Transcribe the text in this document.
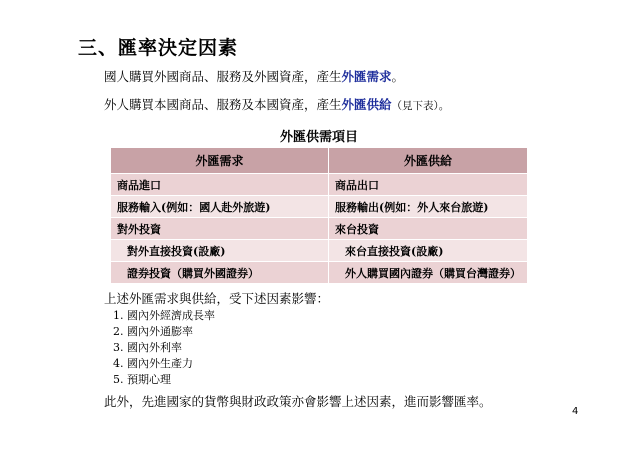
三、匯率決定因素
國人購買外國商品、服務及外國資產，產生外匯需求。
外人購買本國商品、服務及本國資產，產生外匯供給（見下表）。
外匯供需項目
外匯需求	外匯供給
商品進口	商品出口
服務輸入(例如：國人赴外旅遊)	服務輸出(例如：外人來台旅遊)
對外投資	來台投資
對外直接投資(設廠)	來台直接投資(設廠)
證券投資（購買外國證券）	外人購買國內證券（購買台灣證券）
上述外匯需求與供給，受下述因素影響：
1. 國內外經濟成長率
2. 國內外通膨率
3. 國內外利率
4. 國內外生產力
5. 預期心理
此外，先進國家的貨幣與財政政策亦會影響上述因素，進而影響匯率。
4
